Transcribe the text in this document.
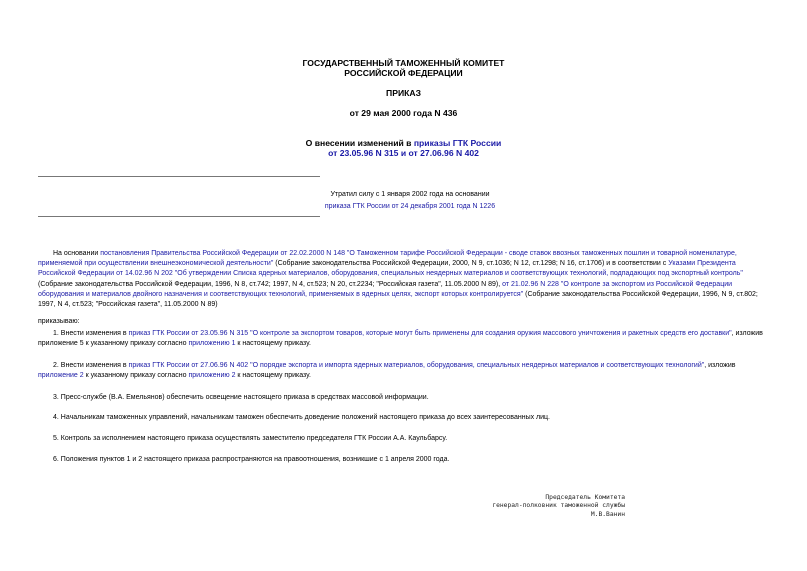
ГОСУДАРСТВЕННЫЙ ТАМОЖЕННЫЙ КОМИТЕТ
РОССИЙСКОЙ ФЕДЕРАЦИИ
ПРИКАЗ
от 29 мая 2000 года N 436
О внесении изменений в приказы ГТК России
от 23.05.96 N 315 и от 27.06.96 N 402
Утратил силу с 1 января 2002 года на основании
приказа ГТК России от 24 декабря 2001 года N 1226
На основании постановления Правительства Российской Федерации от 22.02.2000 N 148 "О Таможенном тарифе Российской Федерации - своде ставок ввозных таможенных пошлин и товарной номенклатуре, применяемой при осуществлении внешнеэкономической деятельности" (Собрание законодательства Российской Федерации, 2000, N 9, ст.1036; N 12, ст.1298; N 16, ст.1706) и в соответствии с Указами Президента Российской Федерации от 14.02.96 N 202 "Об утверждении Списка ядерных материалов, оборудования, специальных неядерных материалов и соответствующих технологий, подпадающих под экспортный контроль" (Собрание законодательства Российской Федерации, 1996, N 8, ст.742; 1997, N 4, ст.523; N 20, ст.2234; "Российская газета", 11.05.2000 N 89), от 21.02.96 N 228 "О контроле за экспортом из Российской Федерации оборудования и материалов двойного назначения и соответствующих технологий, применяемых в ядерных целях, экспорт которых контролируется" (Собрание законодательства Российской Федерации, 1996, N 9, ст.802; 1997, N 4, ст.523; "Российская газета", 11.05.2000 N 89)
приказываю:
1. Внести изменения в приказ ГТК России от 23.05.96 N 315 "О контроле за экспортом товаров, которые могут быть применены для создания оружия массового уничтожения и ракетных средств его доставки", изложив приложение 5 к указанному приказу согласно приложению 1 к настоящему приказу.
2. Внести изменения в приказ ГТК России от 27.06.96 N 402 "О порядке экспорта и импорта ядерных материалов, оборудования, специальных неядерных материалов и соответствующих технологий", изложив приложение 2 к указанному приказу согласно приложению 2 к настоящему приказу.
3. Пресс-службе (В.А. Емельянов) обеспечить освещение настоящего приказа в средствах массовой информации.
4. Начальникам таможенных управлений, начальникам таможен обеспечить доведение положений настоящего приказа до всех заинтересованных лиц.
5. Контроль за исполнением настоящего приказа осуществлять заместителю председателя ГТК России А.А. Каульбарсу.
6. Положения пунктов 1 и 2 настоящего приказа распространяются на правоотношения, возникшие с 1 апреля 2000 года.
Председатель Комитета
генерал-полковник таможенной службы
М.В.Ванин
